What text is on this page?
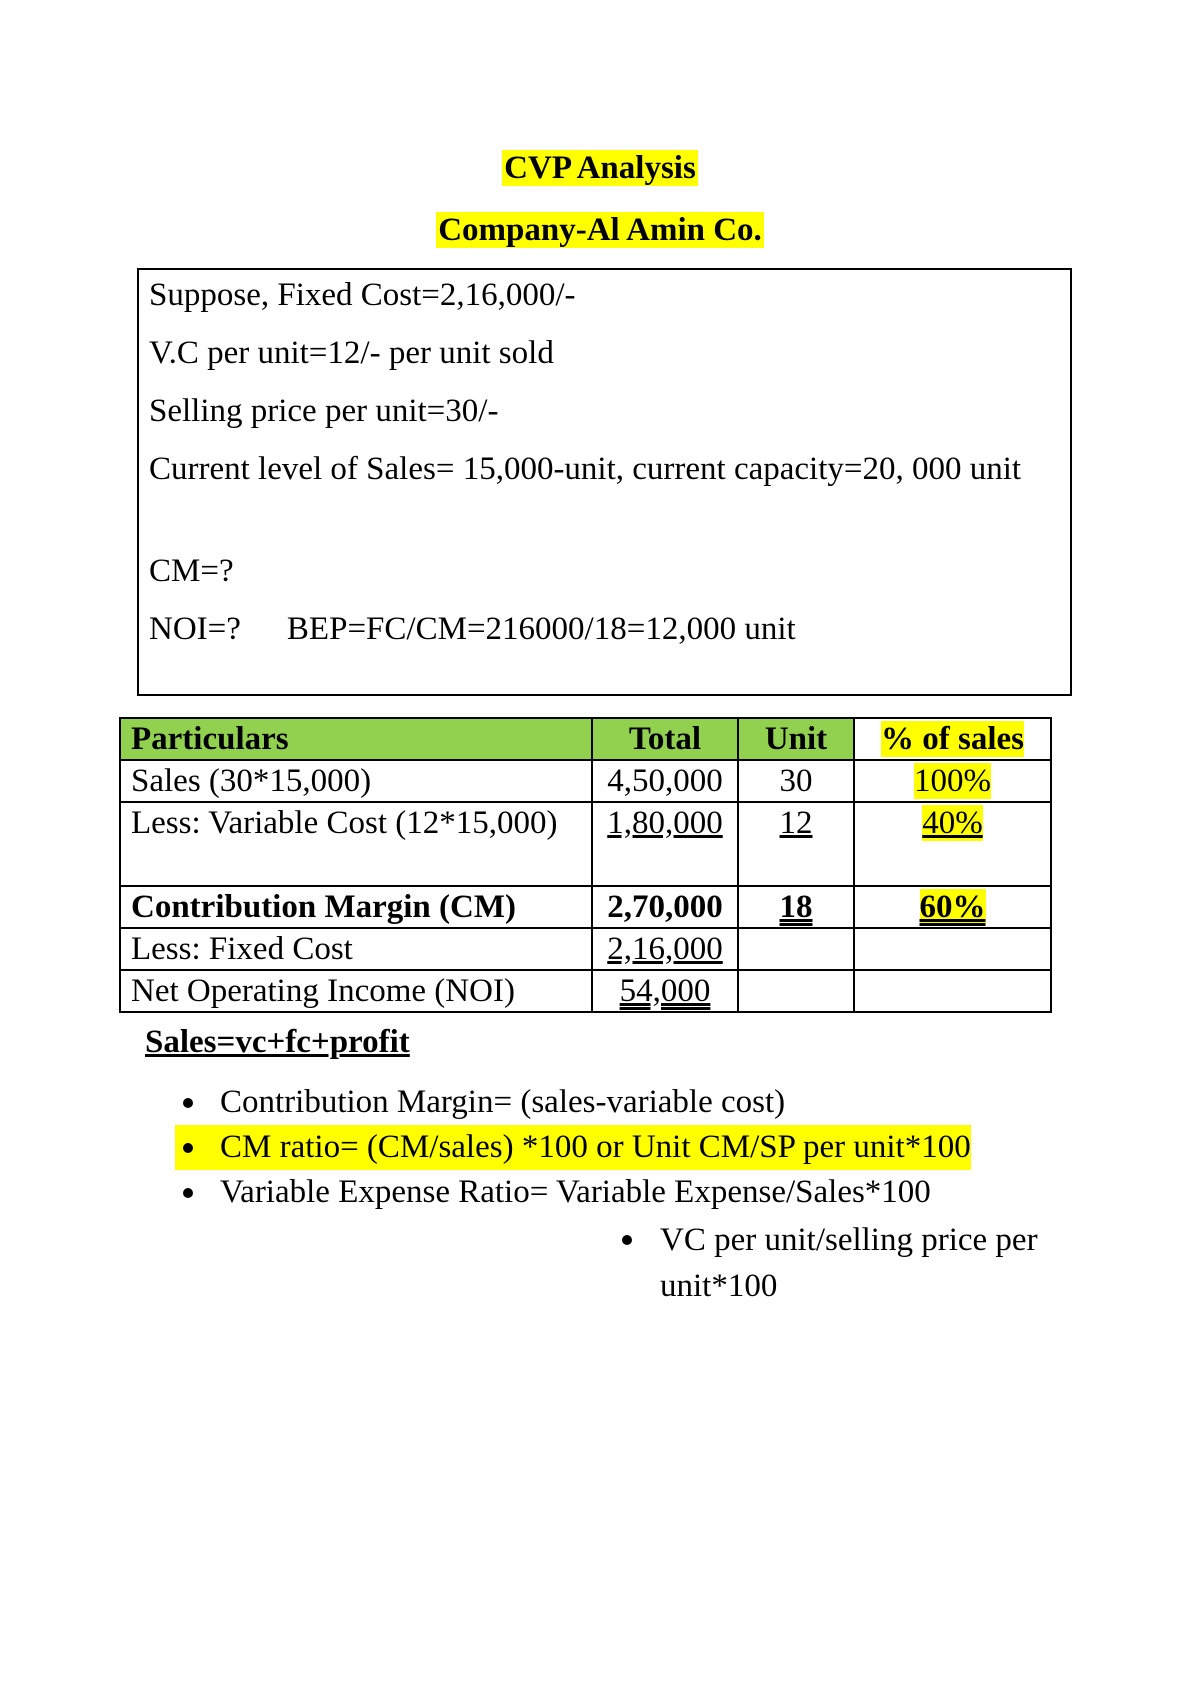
CVP Analysis
Company-Al Amin Co.

Suppose, Fixed Cost=2,16,000/-

V.C per unit=12/- per unit sold

Selling price per unit=30/-

Current level of Sales= 15,000-unit, current capacity=20, 000 unit

CM=?

NOI=? BEP=FC/CM=216000/18=12,000 unit

Particulars	Total	Unit	% of sales
Sales (30*15,000)	4,50,000	30	100%
Less: Variable Cost (12*15,000)	1,80,000	12	40%
Contribution Margin (CM)	2,70,000	18	60%
Less: Fixed Cost	2,16,000		
Net Operating Income (NOI)	54,000		
Sales=vc+fc+profit
Contribution Margin= (sales-variable cost)
CM ratio= (CM/sales) *100 or Unit CM/SP per unit*100
Variable Expense Ratio= Variable Expense/Sales*100
VC per unit/selling price per unit*100
